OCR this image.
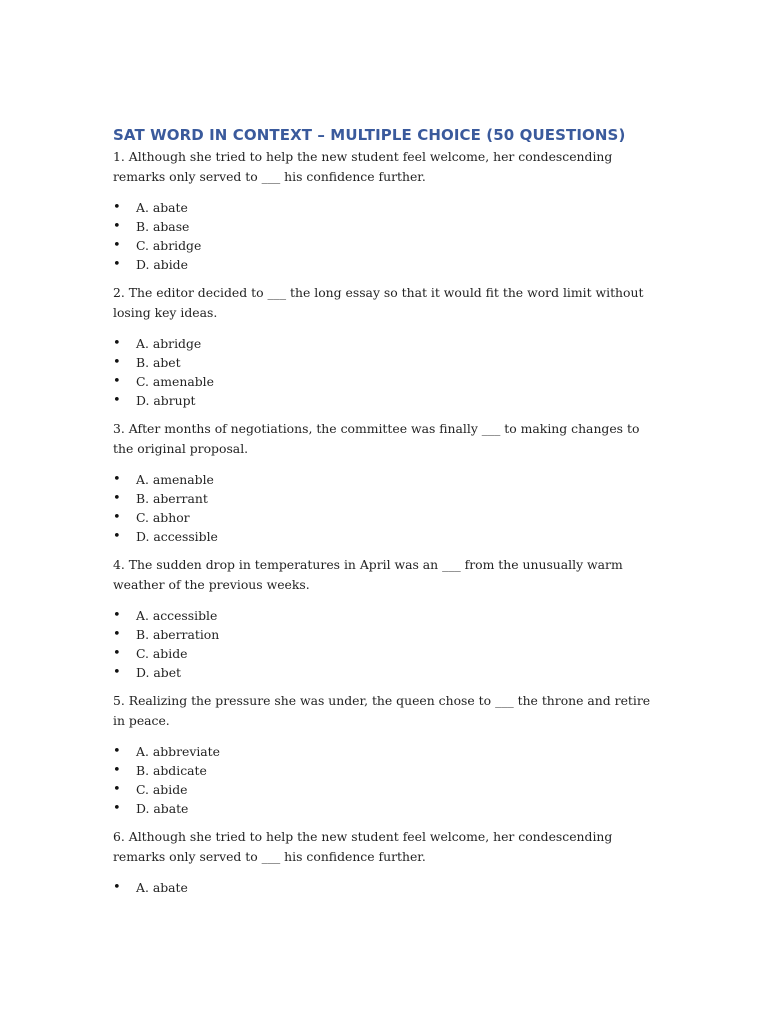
SAT WORD IN CONTEXT – MULTIPLE CHOICE (50 QUESTIONS)

1. Although she tried to help the new student feel welcome, her condescending remarks only served to ___ his confidence further.

• A. abate
• B. abase
• C. abridge
• D. abide

2. The editor decided to ___ the long essay so that it would fit the word limit without losing key ideas.

• A. abridge
• B. abet
• C. amenable
• D. abrupt

3. After months of negotiations, the committee was finally ___ to making changes to the original proposal.

• A. amenable
• B. aberrant
• C. abhor
• D. accessible

4. The sudden drop in temperatures in April was an ___ from the unusually warm weather of the previous weeks.

• A. accessible
• B. aberration
• C. abide
• D. abet

5. Realizing the pressure she was under, the queen chose to ___ the throne and retire in peace.

• A. abbreviate
• B. abdicate
• C. abide
• D. abate

6. Although she tried to help the new student feel welcome, her condescending remarks only served to ___ his confidence further.

• A. abate
